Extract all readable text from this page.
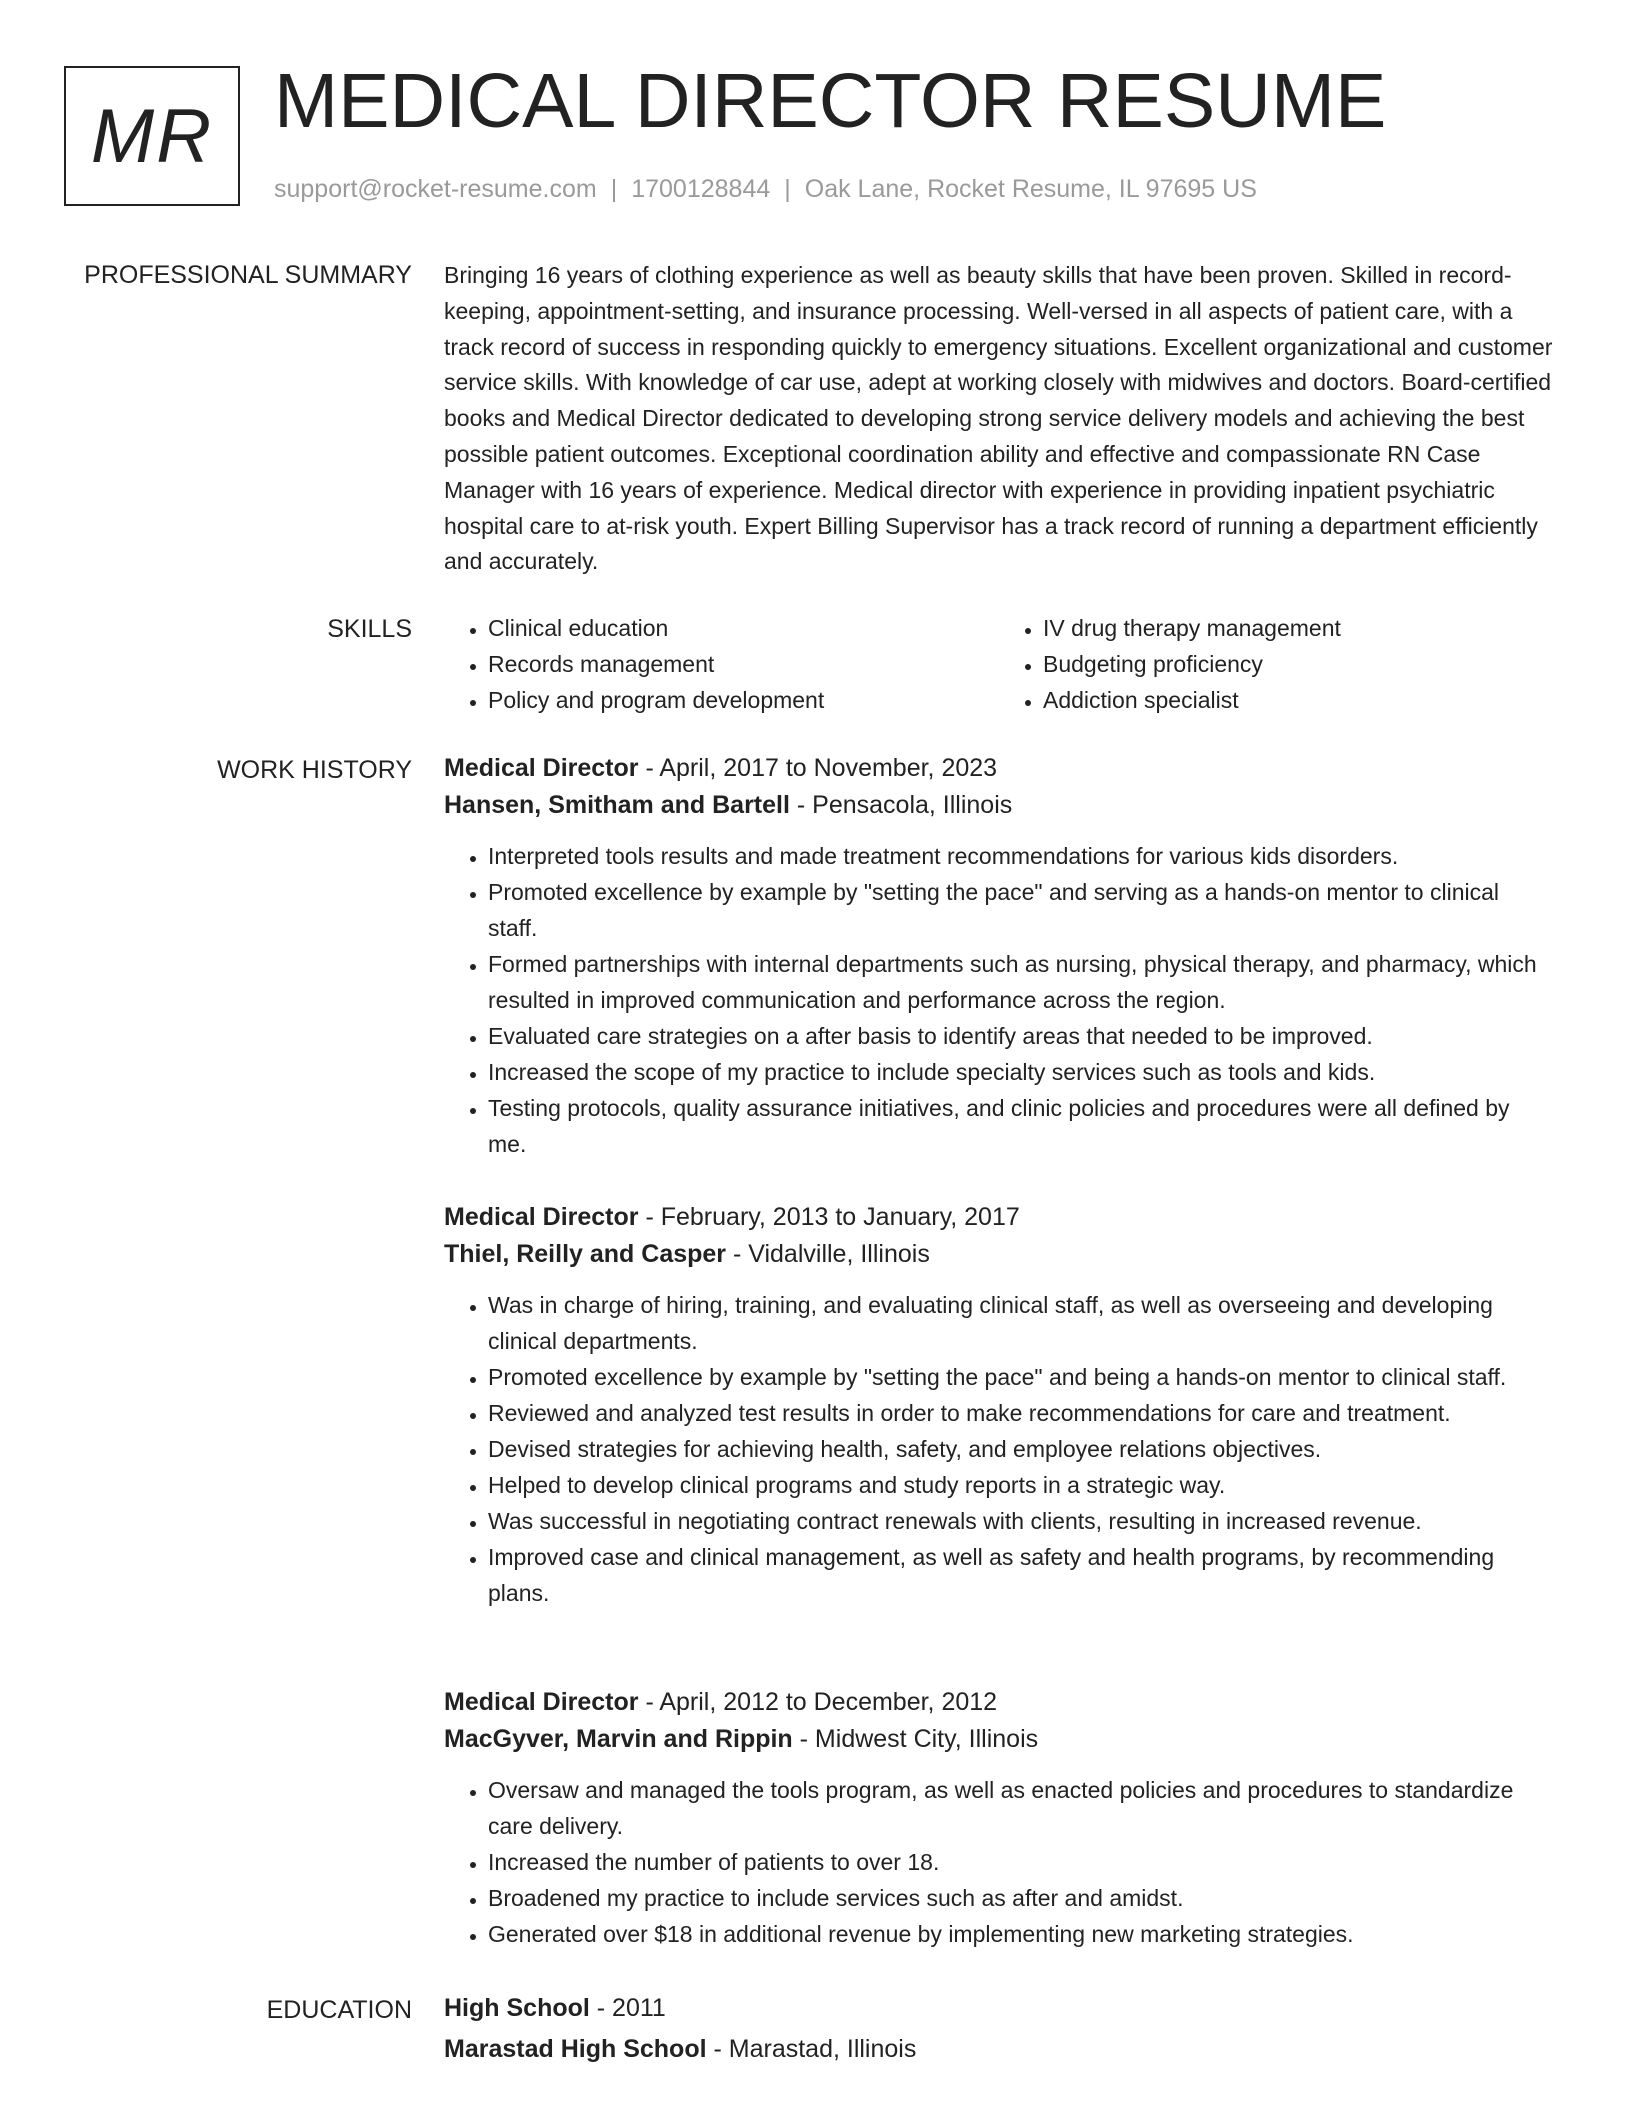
MR MEDICAL DIRECTOR RESUME
support@rocket-resume.com | 1700128844 | Oak Lane, Rocket Resume, IL 97695 US
PROFESSIONAL SUMMARY Bringing 16 years of clothing experience as well as beauty skills that have been proven. Skilled in record-keeping, appointment-setting, and insurance processing. Well-versed in all aspects of patient care, with a track record of success in responding quickly to emergency situations. Excellent organizational and customer service skills. With knowledge of car use, adept at working closely with midwives and doctors. Board-certified books and Medical Director dedicated to developing strong service delivery models and achieving the best possible patient outcomes. Exceptional coordination ability and effective and compassionate RN Case Manager with 16 years of experience. Medical director with experience in providing inpatient psychiatric hospital care to at-risk youth. Expert Billing Supervisor has a track record of running a department efficiently and accurately.

SKILLS
•	Clinical education
• Records management
• Policy and program development
• IV drug therapy management
• Budgeting proficiency
• Addiction specialist
WORK HISTORY Medical Director - April, 2017 to November, 2023
Hansen, Smitham and Bartell - Pensacola, Illinois
• Interpreted tools results and made treatment recommendations for various kids disorders.
• Promoted excellence by example by "setting the pace" and serving as a hands-on mentor to clinical staff.
• Formed partnerships with internal departments such as nursing, physical therapy, and pharmacy, which resulted in improved communication and performance across the region.
• Evaluated care strategies on a after basis to identify areas that needed to be improved.
• Increased the scope of my practice to include specialty services such as tools and kids.
• Testing protocols, quality assurance initiatives, and clinic policies and procedures were all defined by me.
Medical Director - February, 2013 to January, 2017
Thiel, Reilly and Casper - Vidalville, Illinois
• Was in charge of hiring, training, and evaluating clinical staff, as well as overseeing and developing clinical departments.
• Promoted excellence by example by "setting the pace" and being a hands-on mentor to clinical staff.
• Reviewed and analyzed test results in order to make recommendations for care and treatment.
• Devised strategies for achieving health, safety, and employee relations objectives.
• Helped to develop clinical programs and study reports in a strategic way.
• Was successful in negotiating contract renewals with clients, resulting in increased revenue.
• Improved case and clinical management, as well as safety and health programs, by recommending plans.
Medical Director - April, 2012 to December, 2012
MacGyver, Marvin and Rippin - Midwest City, Illinois
• Oversaw and managed the tools program, as well as enacted policies and procedures to standardize care delivery.
• Increased the number of patients to over 18.
• Broadened my practice to include services such as after and amidst.
• Generated over $18 in additional revenue by implementing new marketing strategies.
EDUCATION High School - 2011
Marastad High School - Marastad, Illinois
